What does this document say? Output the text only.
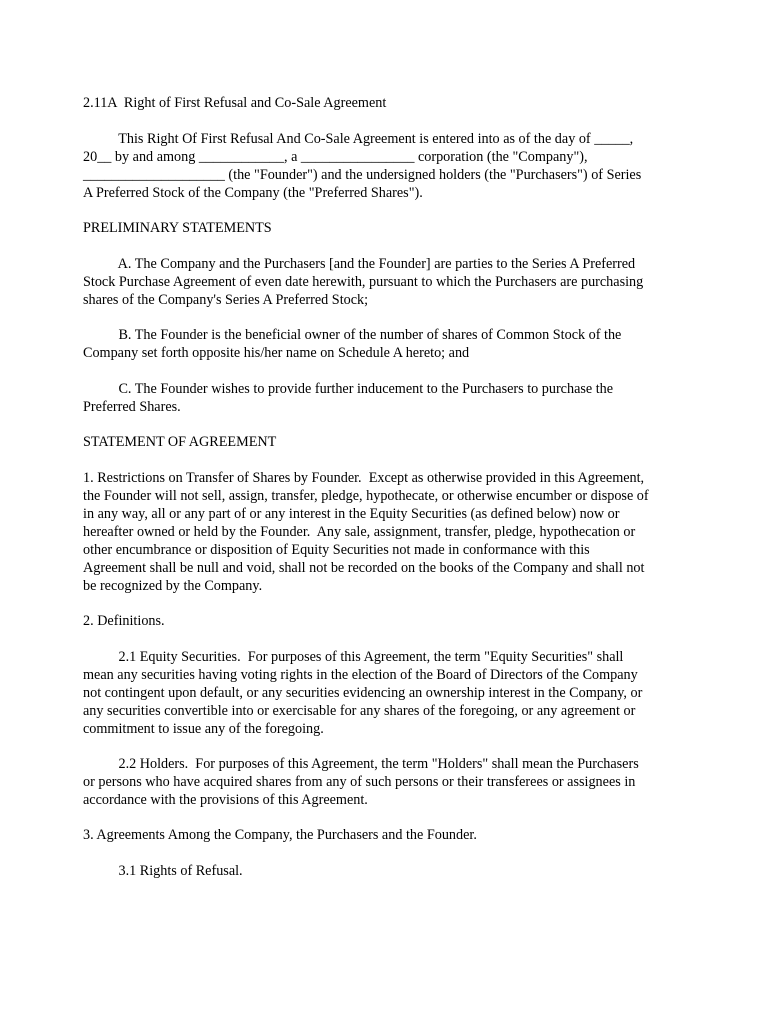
2.11A  Right of First Refusal and Co-Sale Agreement

This Right Of First Refusal And Co-Sale Agreement is entered into as of the day of _____,
20__ by and among ____________, a ________________ corporation (the "Company"),
____________________ (the "Founder") and the undersigned holders (the "Purchasers") of Series
A Preferred Stock of the Company (the "Preferred Shares").

PRELIMINARY STATEMENTS

A. The Company and the Purchasers [and the Founder] are parties to the Series A Preferred
Stock Purchase Agreement of even date herewith, pursuant to which the Purchasers are purchasing
shares of the Company's Series A Preferred Stock;

B. The Founder is the beneficial owner of the number of shares of Common Stock of the
Company set forth opposite his/her name on Schedule A hereto; and

C. The Founder wishes to provide further inducement to the Purchasers to purchase the
Preferred Shares.

STATEMENT OF AGREEMENT

1. Restrictions on Transfer of Shares by Founder.  Except as otherwise provided in this Agreement,
the Founder will not sell, assign, transfer, pledge, hypothecate, or otherwise encumber or dispose of
in any way, all or any part of or any interest in the Equity Securities (as defined below) now or
hereafter owned or held by the Founder.  Any sale, assignment, transfer, pledge, hypothecation or
other encumbrance or disposition of Equity Securities not made in conformance with this
Agreement shall be null and void, shall not be recorded on the books of the Company and shall not
be recognized by the Company.

2. Definitions.

2.1 Equity Securities.  For purposes of this Agreement, the term "Equity Securities" shall
mean any securities having voting rights in the election of the Board of Directors of the Company
not contingent upon default, or any securities evidencing an ownership interest in the Company, or
any securities convertible into or exercisable for any shares of the foregoing, or any agreement or
commitment to issue any of the foregoing.

2.2 Holders.  For purposes of this Agreement, the term "Holders" shall mean the Purchasers
or persons who have acquired shares from any of such persons or their transferees or assignees in
accordance with the provisions of this Agreement.

3. Agreements Among the Company, the Purchasers and the Founder.

3.1 Rights of Refusal.
